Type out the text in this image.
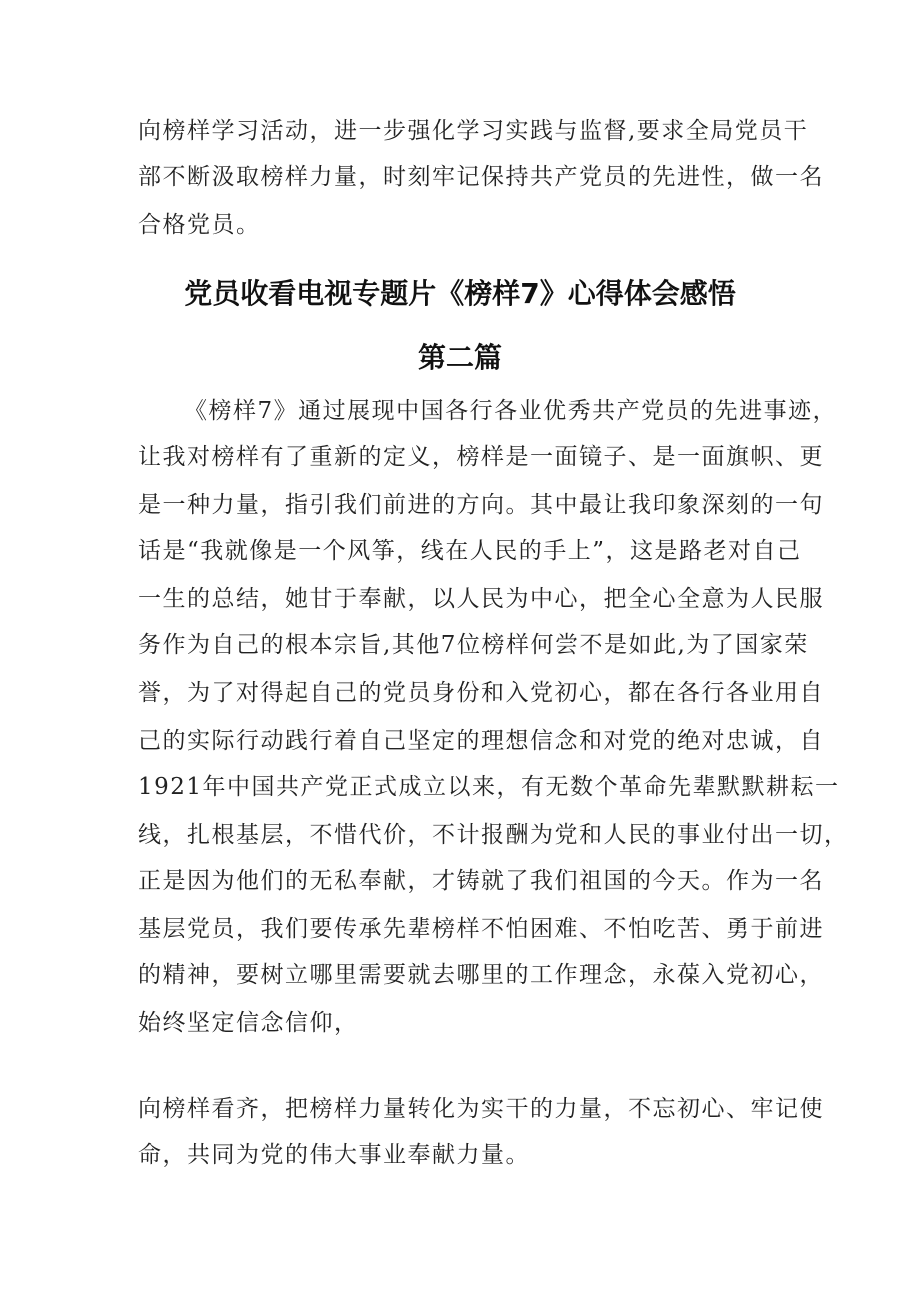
向榜样学习活动，进一步强化学习实践与监督,要求全局党员干

部不断汲取榜样力量，时刻牢记保持共产党员的先进性，做一名

合格党员。

党员收看电视专题片《榜样7》心得体会感悟
第二篇

《榜样7》通过展现中国各行各业优秀共产党员的先进事迹，

让我对榜样有了重新的定义，榜样是一面镜子、是一面旗帜、更

是一种力量，指引我们前进的方向。其中最让我印象深刻的一句

话是“我就像是一个风筝，线在人民的手上”，这是路老对自己

一生的总结，她甘于奉献，以人民为中心，把全心全意为人民服

务作为自己的根本宗旨,其他7位榜样何尝不是如此,为了国家荣

誉，为了对得起自己的党员身份和入党初心，都在各行各业用自

己的实际行动践行着自己坚定的理想信念和对党的绝对忠诚，自

1921年中国共产党正式成立以来，有无数个革命先辈默默耕耘一

线，扎根基层，不惜代价，不计报酬为党和人民的事业付出一切，

正是因为他们的无私奉献，才铸就了我们祖国的今天。作为一名

基层党员，我们要传承先辈榜样不怕困难、不怕吃苦、勇于前进

的精神，要树立哪里需要就去哪里的工作理念，永葆入党初心，

始终坚定信念信仰，

向榜样看齐，把榜样力量转化为实干的力量，不忘初心、牢记使

命，共同为党的伟大事业奉献力量。
